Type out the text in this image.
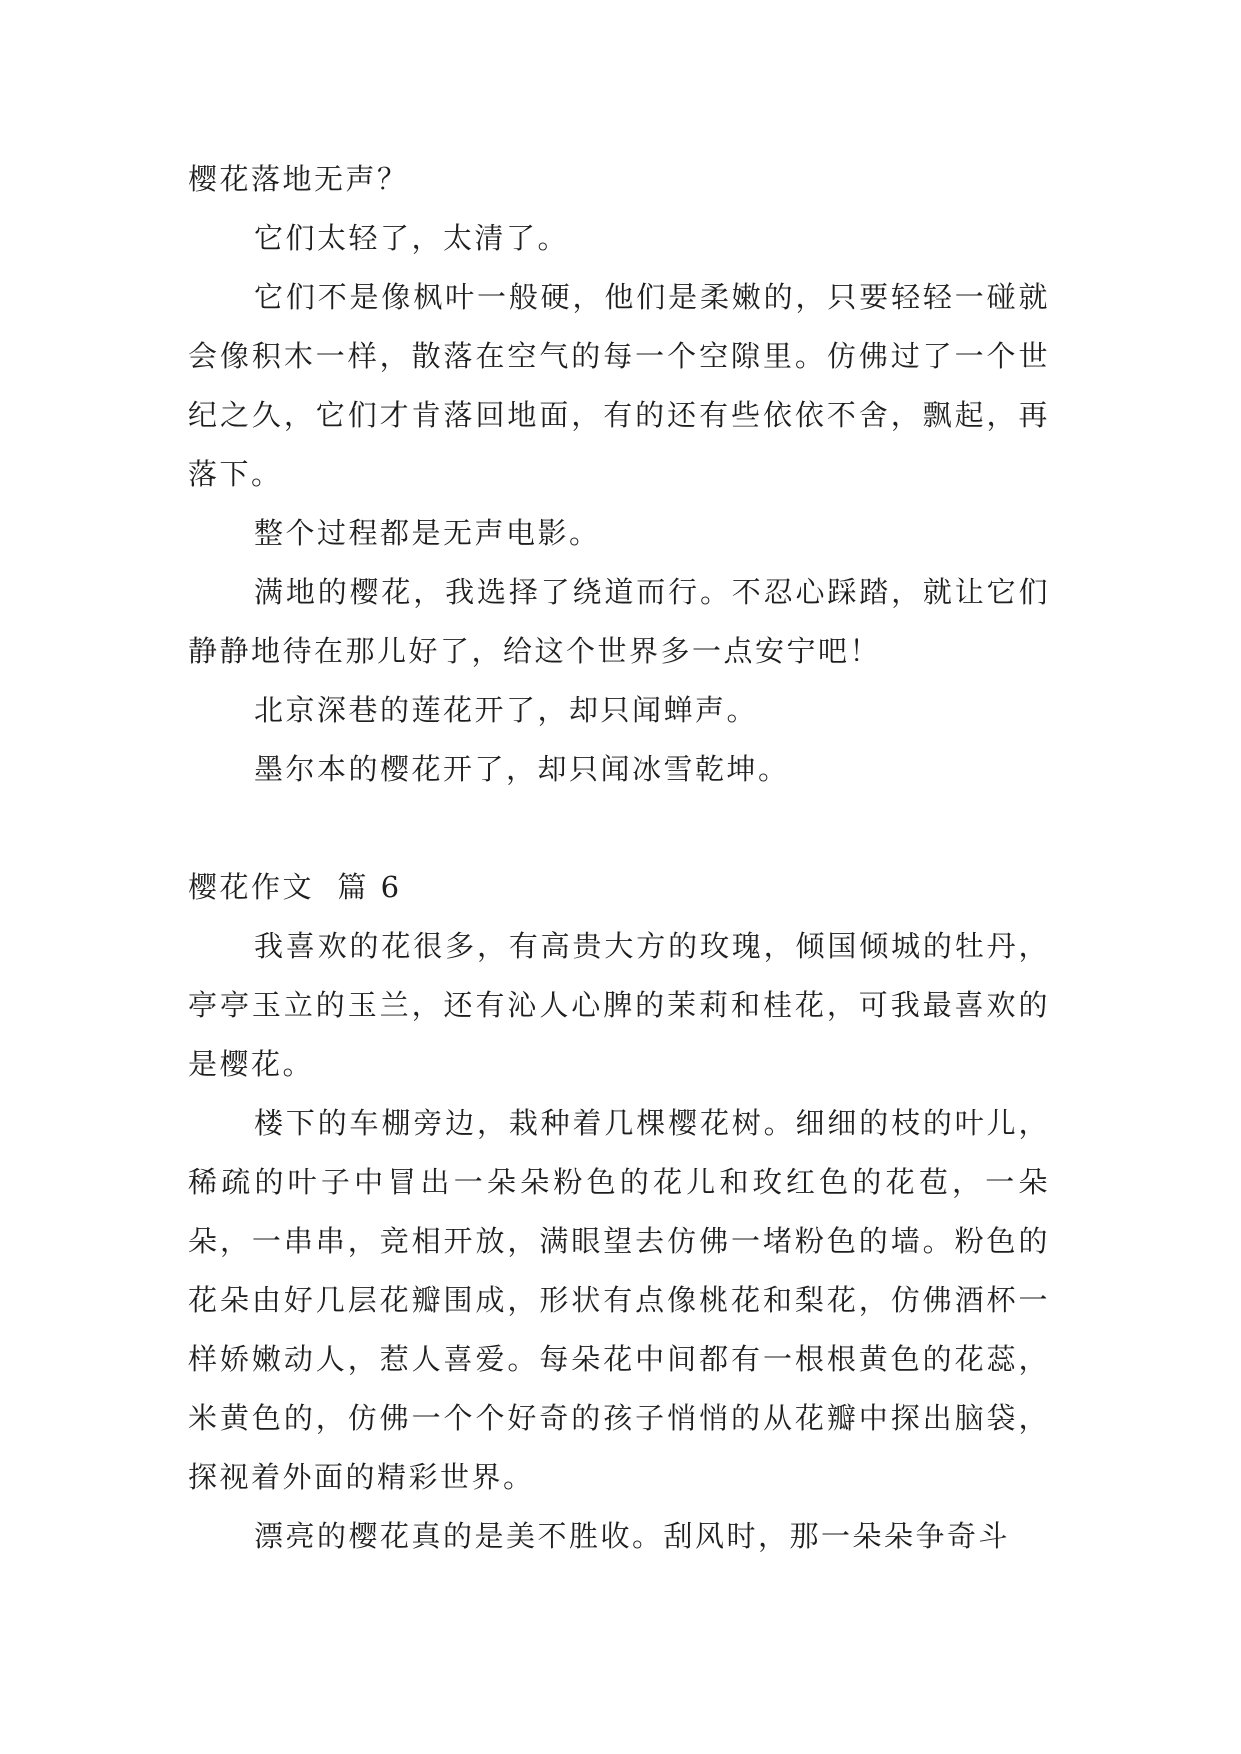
樱花落地无声？

它们太轻了，太清了。

它们不是像枫叶一般硬，他们是柔嫩的，只要轻轻一碰就会像积木一样，散落在空气的每一个空隙里。仿佛过了一个世纪之久，它们才肯落回地面，有的还有些依依不舍，飘起，再落下。

整个过程都是无声电影。

满地的樱花，我选择了绕道而行。不忍心踩踏，就让它们静静地待在那儿好了，给这个世界多一点安宁吧！

北京深巷的莲花开了，却只闻蝉声。

墨尔本的樱花开了，却只闻冰雪乾坤。

樱花作文  篇 6

我喜欢的花很多，有高贵大方的玫瑰，倾国倾城的牡丹，亭亭玉立的玉兰，还有沁人心脾的茉莉和桂花，可我最喜欢的是樱花。

楼下的车棚旁边，栽种着几棵樱花树。细细的枝的叶儿，稀疏的叶子中冒出一朵朵粉色的花儿和玫红色的花苞，一朵朵，一串串，竞相开放，满眼望去仿佛一堵粉色的墙。粉色的花朵由好几层花瓣围成，形状有点像桃花和梨花，仿佛酒杯一样娇嫩动人，惹人喜爱。每朵花中间都有一根根黄色的花蕊，米黄色的，仿佛一个个好奇的孩子悄悄的从花瓣中探出脑袋，探视着外面的精彩世界。

漂亮的樱花真的是美不胜收。刮风时，那一朵朵争奇斗
